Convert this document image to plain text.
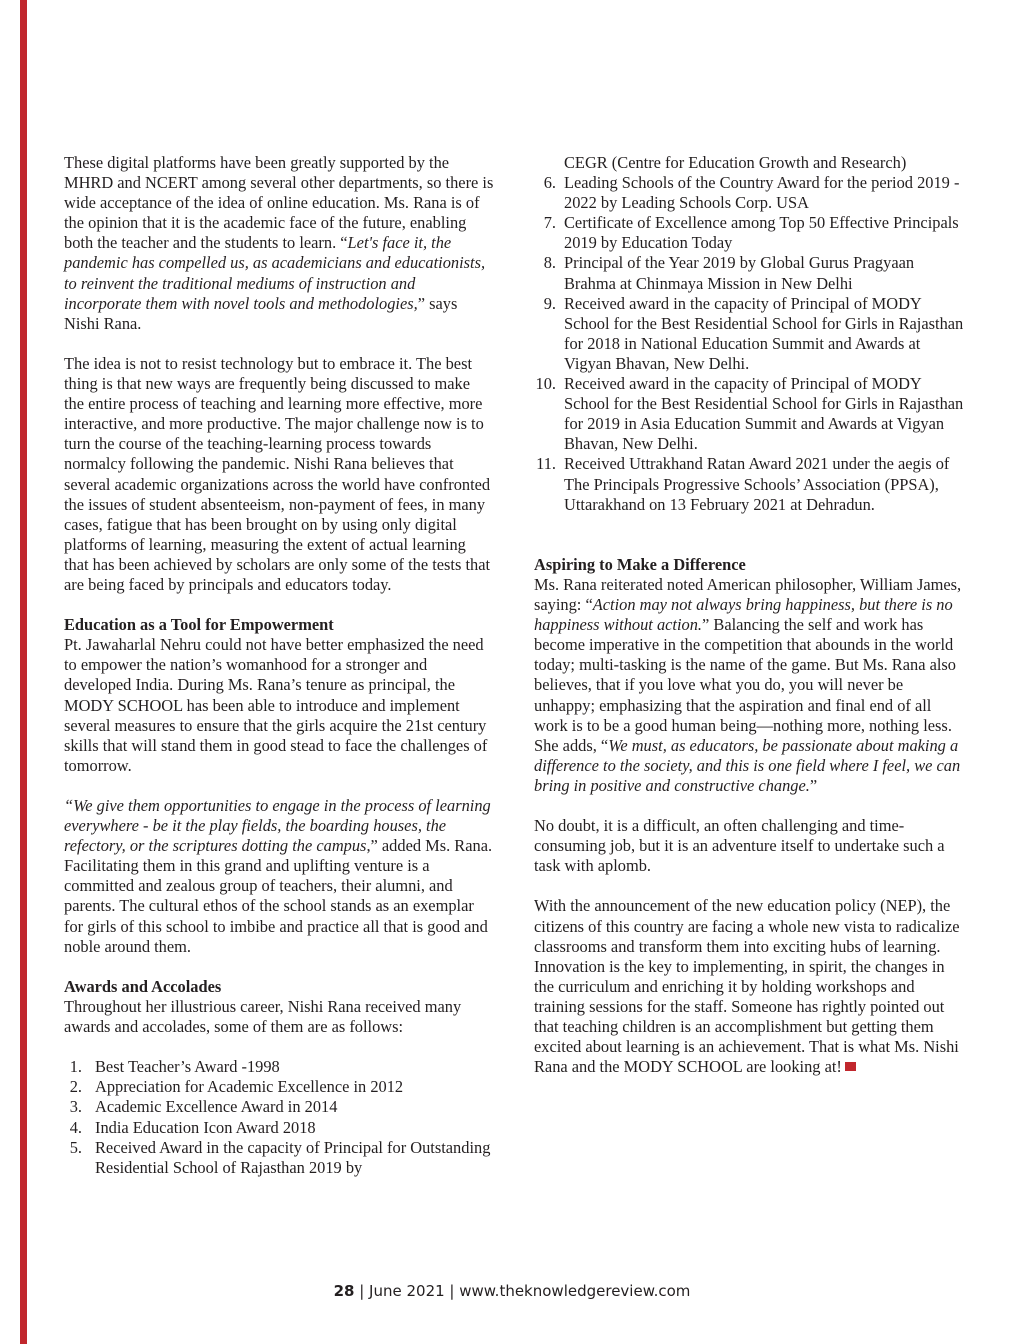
These digital platforms have been greatly supported by the MHRD and NCERT among several other departments, so there is wide acceptance of the idea of online education. Ms. Rana is of the opinion that it is the academic face of the future, enabling both the teacher and the students to learn. “Let's face it, the pandemic has compelled us, as academicians and educationists, to reinvent the traditional mediums of instruction and incorporate them with novel tools and methodologies,” says Nishi Rana.

The idea is not to resist technology but to embrace it. The best thing is that new ways are frequently being discussed to make the entire process of teaching and learning more effective, more interactive, and more productive. The major challenge now is to turn the course of the teaching-learning process towards normalcy following the pandemic. Nishi Rana believes that several academic organizations across the world have confronted the issues of student absenteeism, non-payment of fees, in many cases, fatigue that has been brought on by using only digital platforms of learning, measuring the extent of actual learning that has been achieved by scholars are only some of the tests that are being faced by principals and educators today.

Education as a Tool for Empowerment

Pt. Jawaharlal Nehru could not have better emphasized the need to empower the nation’s womanhood for a stronger and developed India. During Ms. Rana’s tenure as principal, the MODY SCHOOL has been able to introduce and implement several measures to ensure that the girls acquire the 21st century skills that will stand them in good stead to face the challenges of tomorrow.

“We give them opportunities to engage in the process of learning everywhere - be it the play fields, the boarding houses, the refectory, or the scriptures dotting the campus,” added Ms. Rana. Facilitating them in this grand and uplifting venture is a committed and zealous group of teachers, their alumni, and parents. The cultural ethos of the school stands as an exemplar for girls of this school to imbibe and practice all that is good and noble around them.

Awards and Accolades

Throughout her illustrious career, Nishi Rana received many awards and accolades, some of them are as follows:

1. Best Teacher’s Award -1998
2. Appreciation for Academic Excellence in 2012
3. Academic Excellence Award in 2014
4. India Education Icon Award 2018
5. Received Award in the capacity of Principal for Outstanding Residential School of Rajasthan 2019 by

CEGR (Centre for Education Growth and Research)

6. Leading Schools of the Country Award for the period 2019 - 2022 by Leading Schools Corp. USA
7. Certificate of Excellence among Top 50 Effective Principals 2019 by Education Today
8. Principal of the Year 2019 by Global Gurus Pragyaan Brahma at Chinmaya Mission in New Delhi
9. Received award in the capacity of Principal of MODY School for the Best Residential School for Girls in Rajasthan for 2018 in National Education Summit and Awards at Vigyan Bhavan, New Delhi.
10. Received award in the capacity of Principal of MODY School for the Best Residential School for Girls in Rajasthan for 2019 in Asia Education Summit and Awards at Vigyan Bhavan, New Delhi.
11. Received Uttrakhand Ratan Award 2021 under the aegis of The Principals Progressive Schools’ Association (PPSA), Uttarakhand on 13 February 2021 at Dehradun.

Aspiring to Make a Difference

Ms. Rana reiterated noted American philosopher, William James, saying: “Action may not always bring happiness, but there is no happiness without action.” Balancing the self and work has become imperative in the competition that abounds in the world today; multi-tasking is the name of the game. But Ms. Rana also believes, that if you love what you do, you will never be unhappy; emphasizing that the aspiration and final end of all work is to be a good human being—nothing more, nothing less. She adds, “We must, as educators, be passionate about making a difference to the society, and this is one field where I feel, we can bring in positive and constructive change.”

No doubt, it is a difficult, an often challenging and time-consuming job, but it is an adventure itself to undertake such a task with aplomb.

With the announcement of the new education policy (NEP), the citizens of this country are facing a whole new vista to radicalize classrooms and transform them into exciting hubs of learning. Innovation is the key to implementing, in spirit, the changes in the curriculum and enriching it by holding workshops and training sessions for the staff. Someone has rightly pointed out that teaching children is an accomplishment but getting them excited about learning is an achievement. That is what Ms. Nishi Rana and the MODY SCHOOL are looking at!

28 | June 2021 | www.theknowledgereview.com
